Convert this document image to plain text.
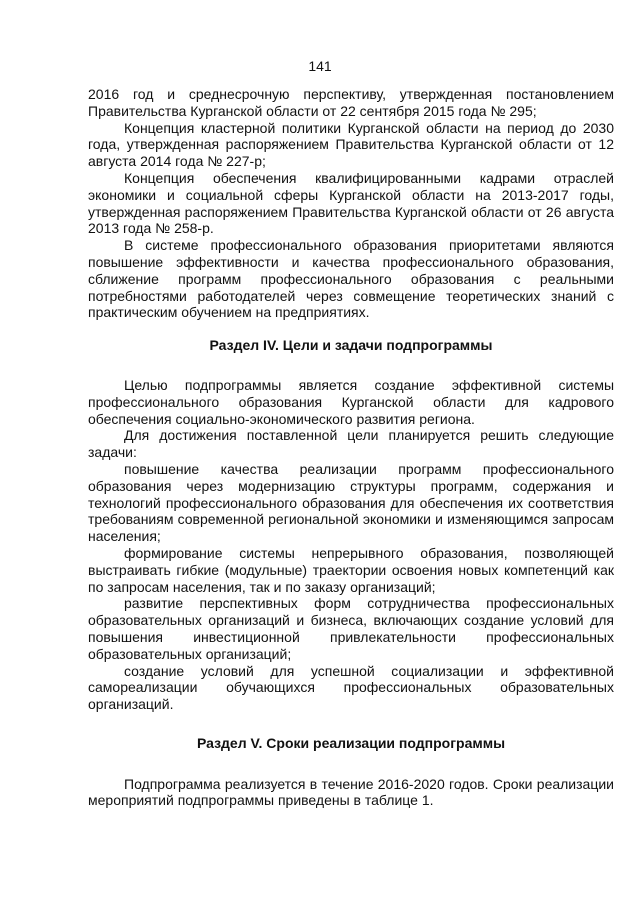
141

2016 год и среднесрочную перспективу, утвержденная постановлением Правительства Курганской области от 22 сентября 2015 года № 295;

Концепция кластерной политики Курганской области на период до 2030 года, утвержденная распоряжением Правительства Курганской области от 12 августа 2014 года № 227-р;

Концепция обеспечения квалифицированными кадрами отраслей экономики и социальной сферы Курганской области на 2013-2017 годы, утвержденная распоряжением Правительства Курганской области от 26 августа 2013 года № 258-р.

В системе профессионального образования приоритетами являются повышение эффективности и качества профессионального образования, сближение программ профессионального образования с реальными потребностями работодателей через совмещение теоретических знаний с практическим обучением на предприятиях.

Раздел IV. Цели и задачи подпрограммы

Целью подпрограммы является создание эффективной системы профессионального образования Курганской области для кадрового обеспечения социально-экономического развития региона.

Для достижения поставленной цели планируется решить следующие задачи:

повышение качества реализации программ профессионального образования через модернизацию структуры программ, содержания и технологий профессионального образования для обеспечения их соответствия требованиям современной региональной экономики и изменяющимся запросам населения;

формирование системы непрерывного образования, позволяющей выстраивать гибкие (модульные) траектории освоения новых компетенций как по запросам населения, так и по заказу организаций;

развитие перспективных форм сотрудничества профессиональных образовательных организаций и бизнеса, включающих создание условий для повышения инвестиционной привлекательности профессиональных образовательных организаций;

создание условий для успешной социализации и эффективной самореализации обучающихся профессиональных образовательных организаций.

Раздел V. Сроки реализации подпрограммы

Подпрограмма реализуется в течение 2016-2020 годов. Сроки реализации мероприятий подпрограммы приведены в таблице 1.
